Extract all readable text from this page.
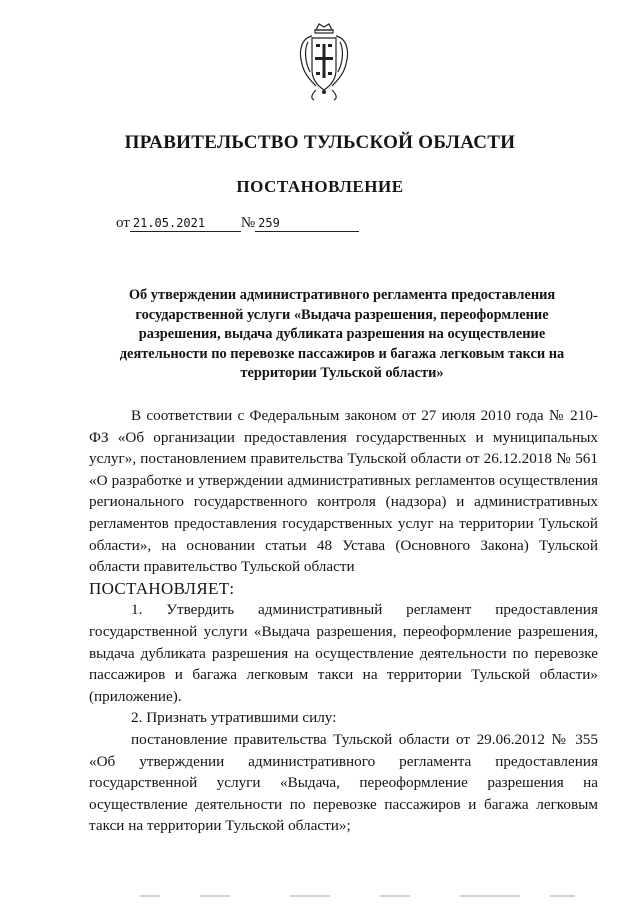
ПРАВИТЕЛЬСТВО ТУЛЬСКОЙ ОБЛАСТИ
ПОСТАНОВЛЕНИЕ
от 21.05.2021 № 259
Об утверждении административного регламента предоставления государственной услуги «Выдача разрешения, переоформление разрешения, выдача дубликата разрешения на осуществление деятельности по перевозке пассажиров и багажа легковым такси на территории Тульской области»

В соответствии с Федеральным законом от 27 июля 2010 года № 210-ФЗ «Об организации предоставления государственных и муниципальных услуг», постановлением правительства Тульской области от 26.12.2018 № 561 «О разработке и утверждении административных регламентов осуществления регионального государственного контроля (надзора) и административных регламентов предоставления государственных услуг на территории Тульской области», на основании статьи 48 Устава (Основного Закона) Тульской области правительство Тульской области

ПОСТАНОВЛЯЕТ:

1. Утвердить административный регламент предоставления государственной услуги «Выдача разрешения, переоформление разрешения, выдача дубликата разрешения на осуществление деятельности по перевозке пассажиров и багажа легковым такси на территории Тульской области» (приложение).

2. Признать утратившими силу:

постановление правительства Тульской области от 29.06.2012 № 355 «Об утверждении административного регламента предоставления государственной услуги «Выдача, переоформление разрешения на осуществление деятельности по перевозке пассажиров и багажа легковым такси на территории Тульской области»;
